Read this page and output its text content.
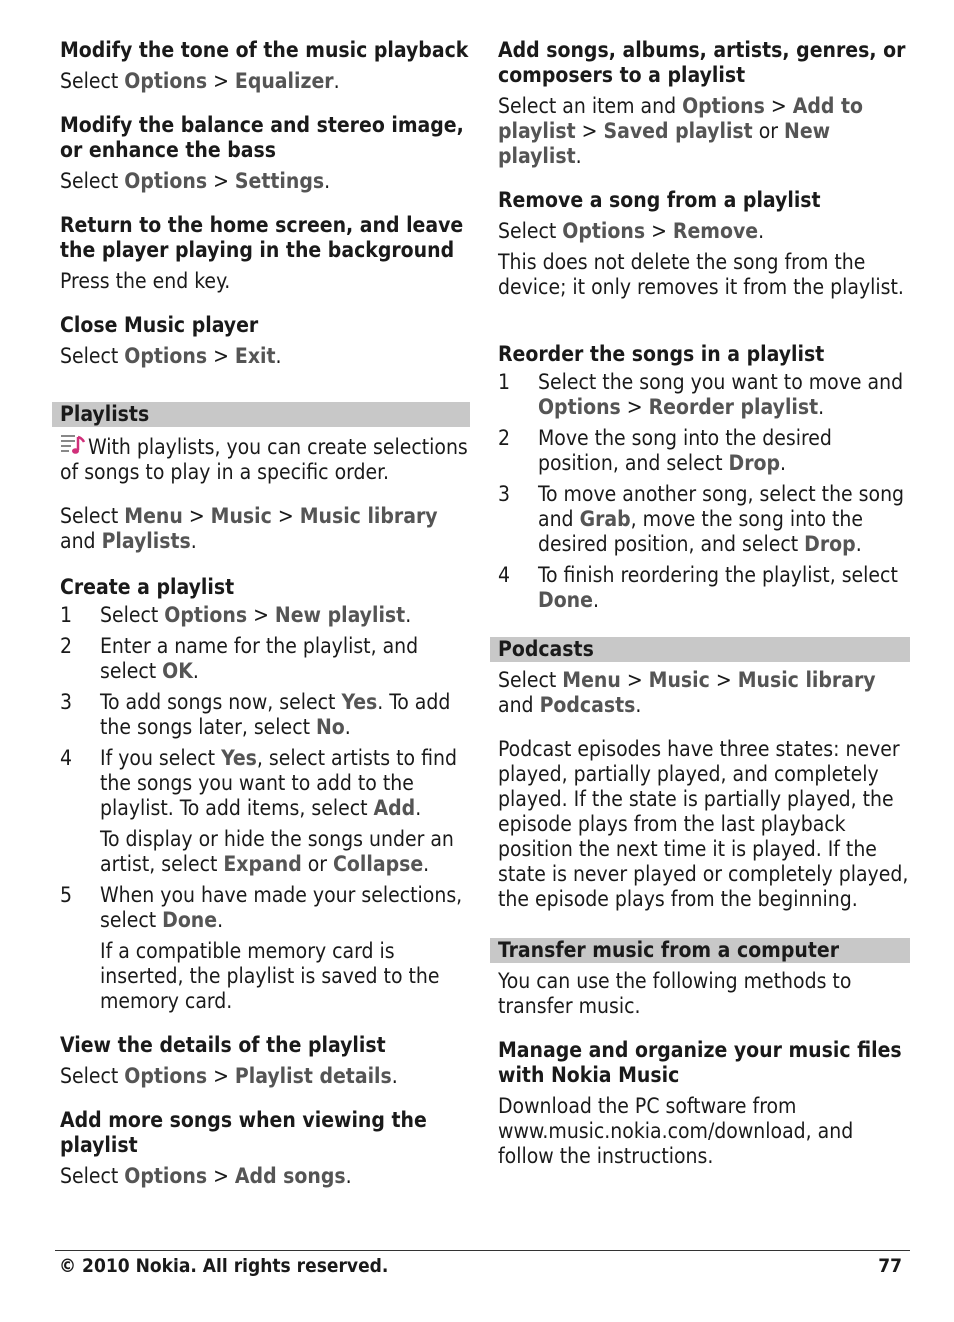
Modify the tone of the music playback

Select Options > Equalizer.

Modify the balance and stereo image, or enhance the bass

Select Options > Settings.

Return to the home screen, and leave the player playing in the background

Press the end key.

Close Music player

Select Options > Exit.

Playlists

With playlists, you can create selections of songs to play in a specific order.

Select Menu > Music > Music library and Playlists.

Create a playlist

1	Select Options > New playlist.
2	Enter a name for the playlist, and select OK.
3	To add songs now, select Yes. To add the songs later, select No.
4	If you select Yes, select artists to find the songs you want to add to the playlist. To add items, select Add.
To display or hide the songs under an artist, select Expand or Collapse.
5	When you have made your selections, select Done.
If a compatible memory card is inserted, the playlist is saved to the memory card.

View the details of the playlist

Select Options > Playlist details.

Add more songs when viewing the playlist

Select Options > Add songs.

Add songs, albums, artists, genres, or composers to a playlist

Select an item and Options > Add to playlist > Saved playlist or New playlist.

Remove a song from a playlist

Select Options > Remove.

This does not delete the song from the device; it only removes it from the playlist.

Reorder the songs in a playlist

1	Select the song you want to move and Options > Reorder playlist.
2	Move the song into the desired position, and select Drop.
3	To move another song, select the song and Grab, move the song into the desired position, and select Drop.
4	To finish reordering the playlist, select Done.
Podcasts

Select Menu > Music > Music library and Podcasts.

Podcast episodes have three states: never played, partially played, and completely played. If the state is partially played, the episode plays from the last playback position the next time it is played. If the state is never played or completely played, the episode plays from the beginning.

Transfer music from a computer

You can use the following methods to transfer music.

Manage and organize your music files with Nokia Music

Download the PC software from www.music.nokia.com/download, and follow the instructions.

© 2010 Nokia. All rights reserved.	77
